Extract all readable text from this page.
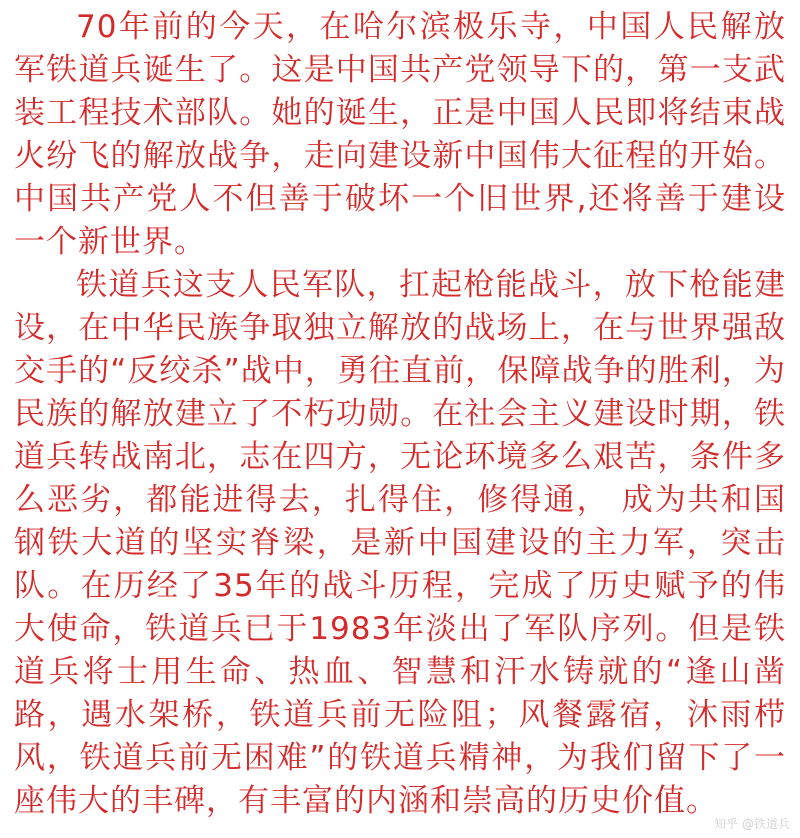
70年前的今天，在哈尔滨极乐寺，中国人民解放军铁道兵诞生了。这是中国共产党领导下的，第一支武装工程技术部队。她的诞生，正是中国人民即将结束战火纷飞的解放战争，走向建设新中国伟大征程的开始。中国共产党人不但善于破坏一个旧世界,还将善于建设一个新世界。

铁道兵这支人民军队，扛起枪能战斗，放下枪能建设，在中华民族争取独立解放的战场上，在与世界强敌交手的“反绞杀”战中，勇往直前，保障战争的胜利，为民族的解放建立了不朽功勋。在社会主义建设时期，铁道兵转战南北，志在四方，无论环境多么艰苦，条件多么恶劣，都能进得去，扎得住，修得通， 成为共和国钢铁大道的坚实脊梁，是新中国建设的主力军，突击队。在历经了35年的战斗历程，完成了历史赋予的伟大使命，铁道兵已于1983年淡出了军队序列。但是铁道兵将士用生命、热血、智慧和汗水铸就的“逢山凿路，遇水架桥，铁道兵前无险阻；风餐露宿，沐雨栉风，铁道兵前无困难”的铁道兵精神，为我们留下了一座伟大的丰碑，有丰富的内涵和崇高的历史价值。

知乎 @铁道兵
